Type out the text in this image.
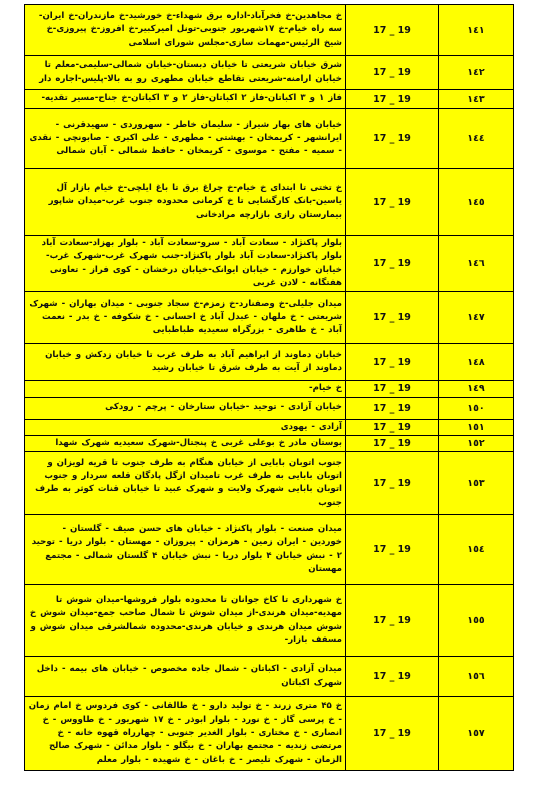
١٤١	17 _ 19	خ مجاهدین-خ فخرآباد-اداره برق شهداء-خ خورشید-خ مازندران-خ ایران-سه راه خیام-خ ۱۷شهریور جنوبی-تونل امیرکبیر-خ افروز-خ پیروزی-خ شیخ الرئیس-مهمات سازی-مجلس شورای اسلامی
١٤٢	17 _ 19	شرق خیابان شریعتی تا خیابان دبستان-خیابان شمالی-سلیمی-معلم تا خیابان ارامنه-شریعتی تقاطع خیابان مطهری رو به بالا-پلیس-اجاره دار
١٤٣	17 _ 19	فاز ۱ و ۳ اکباتان-فاز ۲ اکباتان-فاز ۲ و ۳ اکباتان-خ جناح-مسیر تقدیه-
١٤٤	17 _ 19	خیابان های بهار شیراز - سلیمان خاطر - سهروردی - سهیدقرنی - ایرانشهر - کریمخان - بهشتی - مطهری - علی اکبری - صابونچی - نقدی - سمیه - مفتح - موسوی - کریمخان - حافظ شمالی - آبان شمالی
١٤٥	17 _ 19	خ تختی تا ابتدای خ خیام-خ چراغ برق تا باغ ایلچی-خ خیام بازار آل یاسین-بانک کارگشایی تا خ کرمانی محدوده جنوب غرب-میدان شاپور بیمارستان رازی بازارچه مرادخانی
١٤٦	17 _ 19	بلوار پاکنژاد - سعادت آباد - سرو-سعادت آباد - بلوار بهزاد-سعادت آباد بلوار پاکنژاد-سعادت آباد بلوار پاکنژاد-جنب شهرک غرب-شهرک غرب-خیابان خوارزم - خیابان ایوانک-خیابان درخشان - کوی فراز - تعاونی هفتگانه - لادن غربی
١٤٧	17 _ 19	میدان جلیلی-خ وصفنارد-خ زمزم-خ سجاد جنوبی - میدان بهاران - شهرک شریعتی - خ ملهان - عبدل آباد خ احسانی - خ شکوفه - خ بدر - نعمت آباد - خ طاهری - بزرگراه سعیدیه طباطبایی
١٤٨	17 _ 19	خیابان دماوند از ابراهیم آباد به طرف غرب تا خیابان زدکش و خیابان دماوند از آیت به طرف شرق تا خیابان رشید
١٤٩	17 _ 19	خ خیام-
١٥٠	17 _ 19	خیابان آزادی - توحید -خیابان ستارخان - پرچم - رودکی
١٥١	17 _ 19	آزادی - یهودی
١٥٢	17 _ 19	بوستان مادر خ بوعلی غربی خ پنجتال-شهرک سعیدیه شهرک شهدا
١٥٣	17 _ 19	جنوب اتوبان بابایی از خیابان هنگام به طرف جنوب تا قریه لویزان و اتوبان بابایی به طرف غرب تامیدان ازگل پادگان قلعه سردار و جنوب اتوبان بابایی شهرک ولایت و شهرک عبید تا خیابان قنات کوثر به طرف جنوب
١٥٤	17 _ 19	میدان صنعت - بلوار پاکنژاد - خیابان های حسن صیف - گلستان - خوردین - ایران زمین - هرمزان - پیروزان - مهستان - بلوار دریا - توحید ۲ - نبش خیابان ۴ بلوار دریا - نبش خیابان ۴ گلستان شمالی - مجتمع مهستان
١٥٥	17 _ 19	خ شهرداری تا کاخ جوانان تا محدوده بلوار فروشها-میدان شوش تا مهدیه-میدان هرندی-از میدان شوش تا شمال صاحب جمع-میدان شوش خ شوش میدان هرندی و خیابان هرندی-محدوده شمالشرقی میدان شوش و مسقف بازار-
١٥٦	17 _ 19	میدان آزادی - اکباتان - شمال جاده مخصوص - خیابان های بیمه - داخل شهرک اکباتان
١٥٧	17 _ 19	خ ۴۵ متری زرند - خ تولید دارو - خ طالقانی - کوی فردوس خ امام زمان - خ پرسی گاز - خ نورد - بلوار ابوذر - خ ۱۷ شهریور - خ طاووس - خ انصاری - خ مختاری - بلوار الغدیر جنوبی - چهارراه قهوه خانه - خ مرتضی زندیه - مجتمع بهاران - خ بیگلو - بلوار مدائن - شهرک صالح الزمان - شهرک تلیصر - خ باغان - خ شهیده - بلوار معلم
